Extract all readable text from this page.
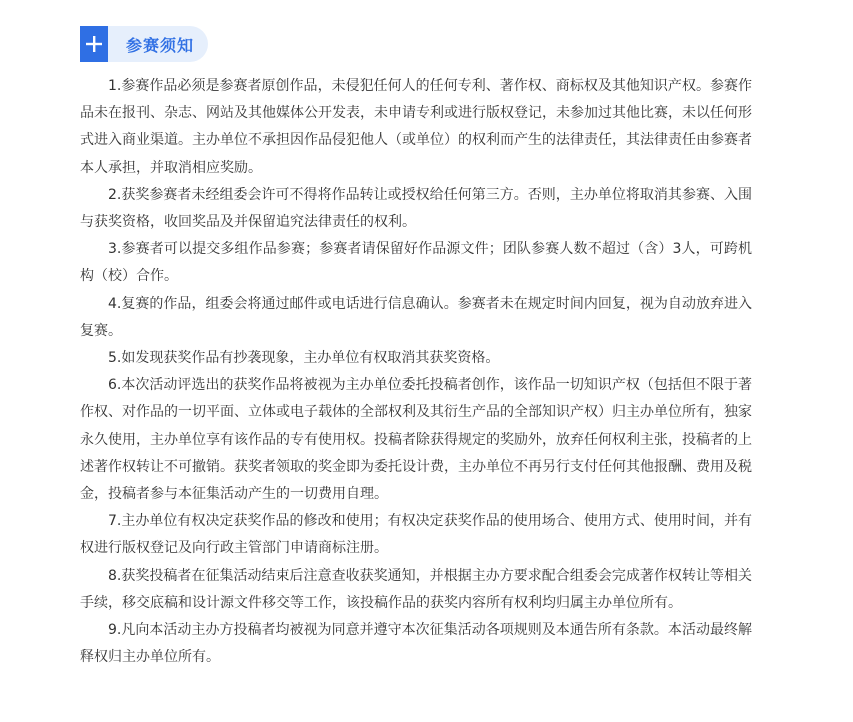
参赛须知

1.参赛作品必须是参赛者原创作品，未侵犯任何人的任何专利、著作权、商标权及其他知识产权。参赛作品未在报刊、杂志、网站及其他媒体公开发表，未申请专利或进行版权登记，未参加过其他比赛，未以任何形式进入商业渠道。主办单位不承担因作品侵犯他人（或单位）的权利而产生的法律责任，其法律责任由参赛者本人承担，并取消相应奖励。

2.获奖参赛者未经组委会许可不得将作品转让或授权给任何第三方。否则，主办单位将取消其参赛、入围与获奖资格，收回奖品及并保留追究法律责任的权利。

3.参赛者可以提交多组作品参赛；参赛者请保留好作品源文件；团队参赛人数不超过（含）3人，可跨机构（校）合作。

4.复赛的作品，组委会将通过邮件或电话进行信息确认。参赛者未在规定时间内回复，视为自动放弃进入复赛。

5.如发现获奖作品有抄袭现象，主办单位有权取消其获奖资格。

6.本次活动评选出的获奖作品将被视为主办单位委托投稿者创作，该作品一切知识产权（包括但不限于著作权、对作品的一切平面、立体或电子载体的全部权利及其衍生产品的全部知识产权）归主办单位所有，独家永久使用，主办单位享有该作品的专有使用权。投稿者除获得规定的奖励外，放弃任何权利主张，投稿者的上述著作权转让不可撤销。获奖者领取的奖金即为委托设计费，主办单位不再另行支付任何其他报酬、费用及税金，投稿者参与本征集活动产生的一切费用自理。

7.主办单位有权决定获奖作品的修改和使用；有权决定获奖作品的使用场合、使用方式、使用时间，并有权进行版权登记及向行政主管部门申请商标注册。

8.获奖投稿者在征集活动结束后注意查收获奖通知，并根据主办方要求配合组委会完成著作权转让等相关手续，移交底稿和设计源文件移交等工作，该投稿作品的获奖内容所有权利均归属主办单位所有。

9.凡向本活动主办方投稿者均被视为同意并遵守本次征集活动各项规则及本通告所有条款。本活动最终解释权归主办单位所有。
